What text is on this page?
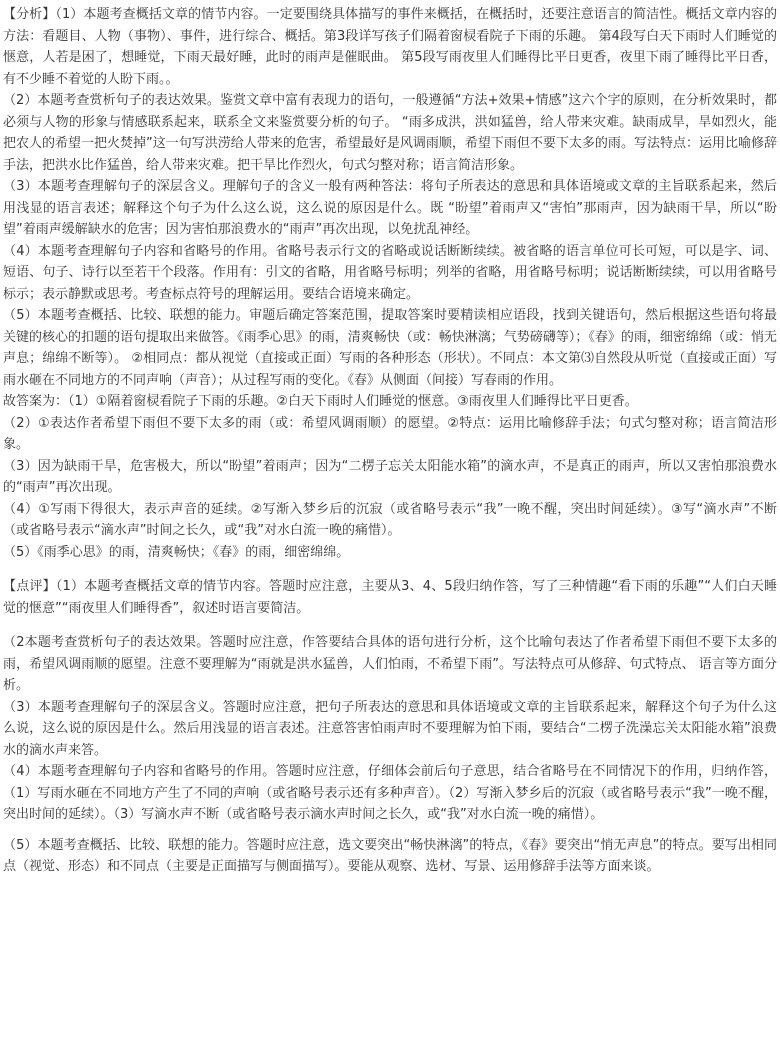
【分析】（1）本题考查概括文章的情节内容。一定要围绕具体描写的事件来概括，在概括时，还要注意语言的简洁性。概括文章内容的方法：看题目、人物（事物）、事件，进行综合、概括。第3段详写孩子们隔着窗棂看院子下雨的乐趣。 第4段写白天下雨时人们睡觉的惬意，人若是困了，想睡觉，下雨天最好睡，此时的雨声是催眠曲。 第5段写雨夜里人们睡得比平日更香，夜里下雨了睡得比平日香，有不少睡不着觉的人盼下雨。。

（2）本题考查赏析句子的表达效果。鉴赏文章中富有表现力的语句，一般遵循“方法+效果+情感”这六个字的原则，在分析效果时，都必须与人物的形象与情感联系起来，联系全文来鉴赏要分析的句子。 “雨多成洪，洪如猛兽，给人带来灾难。缺雨成旱，旱如烈火，能把农人的希望一把火焚掉”这一句写洪涝给人带来的危害，希望最好是风调雨顺，希望下雨但不要下太多的雨。写法特点：运用比喻修辞手法，把洪水比作猛兽，给人带来灾难。把干旱比作烈火，句式匀整对称；语言简洁形象。

（3）本题考查理解句子的深层含义。理解句子的含义一般有两种答法：将句子所表达的意思和具体语境或文章的主旨联系起来，然后用浅显的语言表述；解释这个句子为什么这么说，这么说的原因是什么。既 “盼望”着雨声又“害怕”那雨声，因为缺雨干旱，所以“盼望”着雨声缓解缺水的危害；因为害怕那浪费水的“雨声”再次出现，以免扰乱神经。

（4）本题考查理解句子内容和省略号的作用。省略号表示行文的省略或说话断断续续。被省略的语言单位可长可短，可以是字、词、短语、句子、诗行以至若干个段落。作用有：引文的省略，用省略号标明；列举的省略，用省略号标明；说话断断续续，可以用省略号标示；表示静默或思考。考查标点符号的理解运用。要结合语境来确定。

（5）本题考查概括、比较、联想的能力。审题后确定答案范围，提取答案时要精读相应语段，找到关键语句，然后根据这些语句将最关键的核心的扣题的语句提取出来做答。《雨季心思》的雨，清爽畅快（或：畅快淋漓；气势磅礴等）；《春》的雨，细密绵绵（或：悄无声息；绵绵不断等）。 ②相同点：都从视觉（直接或正面）写雨的各种形态（形状）。不同点：本文第⑶自然段从听觉（直接或正面）写雨水砸在不同地方的不同声响（声音）；从过程写雨的变化。《春》从侧面（间接）写春雨的作用。

故答案为：（1）①隔着窗棂看院子下雨的乐趣。②白天下雨时人们睡觉的惬意。③雨夜里人们睡得比平日更香。

（2）①表达作者希望下雨但不要下太多的雨（或：希望风调雨顺）的愿望。②特点：运用比喻修辞手法；句式匀整对称；语言简洁形象。

（3）因为缺雨干旱，危害极大，所以“盼望”着雨声；因为“二楞子忘关太阳能水箱”的滴水声，不是真正的雨声，所以又害怕那浪费水的“雨声”再次出现。

（4）①写雨下得很大，表示声音的延续。②写渐入梦乡后的沉寂（或省略号表示“我”一晚不醒，突出时间延续）。③写“滴水声”不断（或省略号表示“滴水声”时间之长久，或“我”对水白流一晚的痛惜）。

（5）《雨季心思》的雨，清爽畅快；《春》的雨，细密绵绵。

【点评】（1）本题考查概括文章的情节内容。答题时应注意，主要从3、4、5段归纳作答，写了三种情趣“看下雨的乐趣”“人们白天睡觉的惬意”“雨夜里人们睡得香”，叙述时语言要简洁。

（2本题考查赏析句子的表达效果。答题时应注意，作答要结合具体的语句进行分析，这个比喻句表达了作者希望下雨但不要下太多的雨，希望风调雨顺的愿望。注意不要理解为“雨就是洪水猛兽，人们怕雨，不希望下雨”。写法特点可从修辞、句式特点、 语言等方面分析。

（3）本题考查理解句子的深层含义。答题时应注意，把句子所表达的意思和具体语境或文章的主旨联系起来，解释这个句子为什么这么说，这么说的原因是什么。然后用浅显的语言表述。注意答害怕雨声时不要理解为怕下雨，要结合“二楞子洗澡忘关太阳能水箱”浪费水的滴水声来答。

（4）本题考查理解句子内容和省略号的作用。答题时应注意，仔细体会前后句子意思，结合省略号在不同情况下的作用，归纳作答，（1）写雨水砸在不同地方产生了不同的声响（或省略号表示还有多种声音）。（2）写渐入梦乡后的沉寂（或省略号表示“我”一晚不醒，突出时间的延续）。（3）写滴水声不断（或省略号表示滴水声时间之长久，或“我”对水白流一晚的痛惜）。

（5）本题考查概括、比较、联想的能力。答题时应注意，选文要突出“畅快淋漓”的特点，《春》要突出“悄无声息”的特点。要写出相同点（视觉、形态）和不同点（主要是正面描写与侧面描写）。要能从观察、选材、写景、运用修辞手法等方面来谈。
